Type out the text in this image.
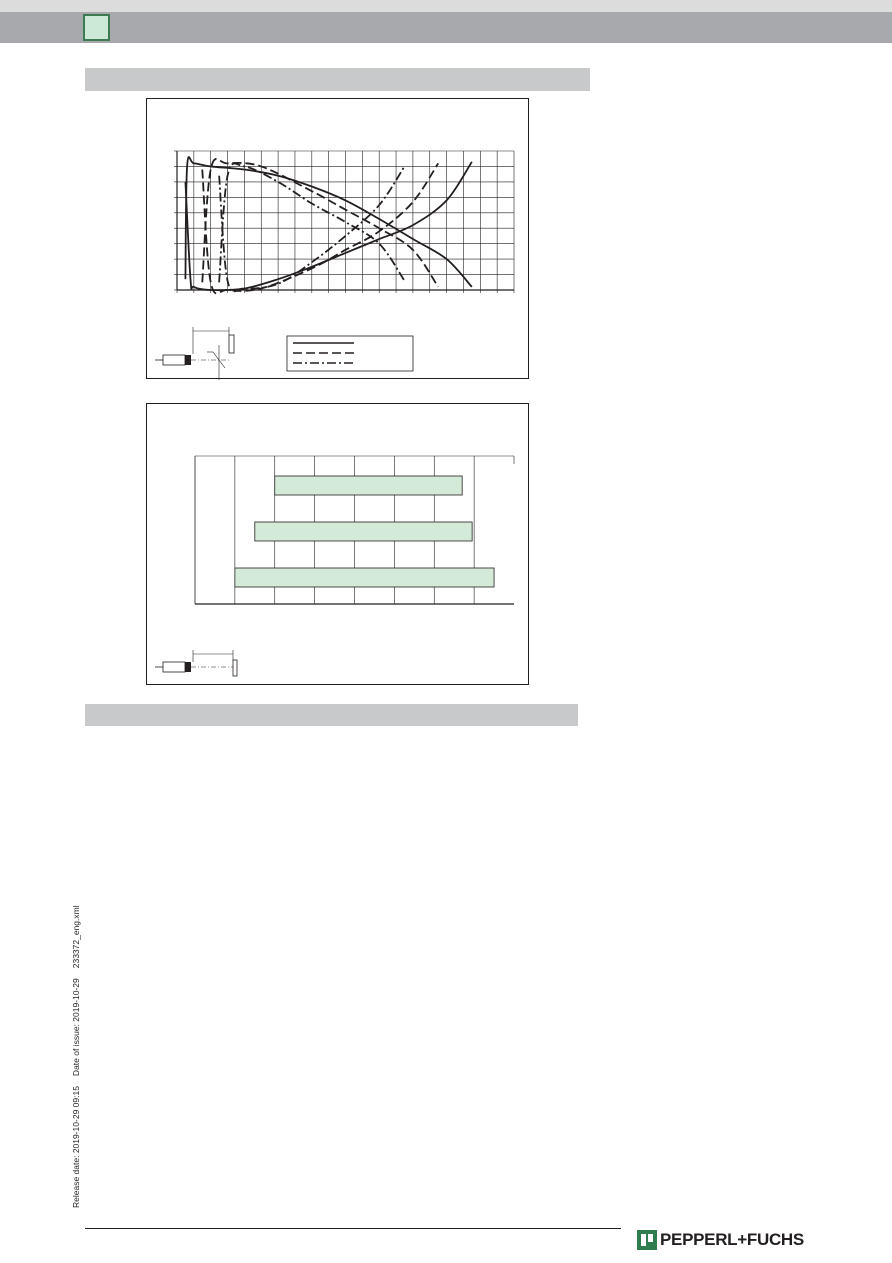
Release date: 2019-10-29 09:15Date of issue: 2019-10-29233372_eng.xml
PEPPERL+FUCHS
